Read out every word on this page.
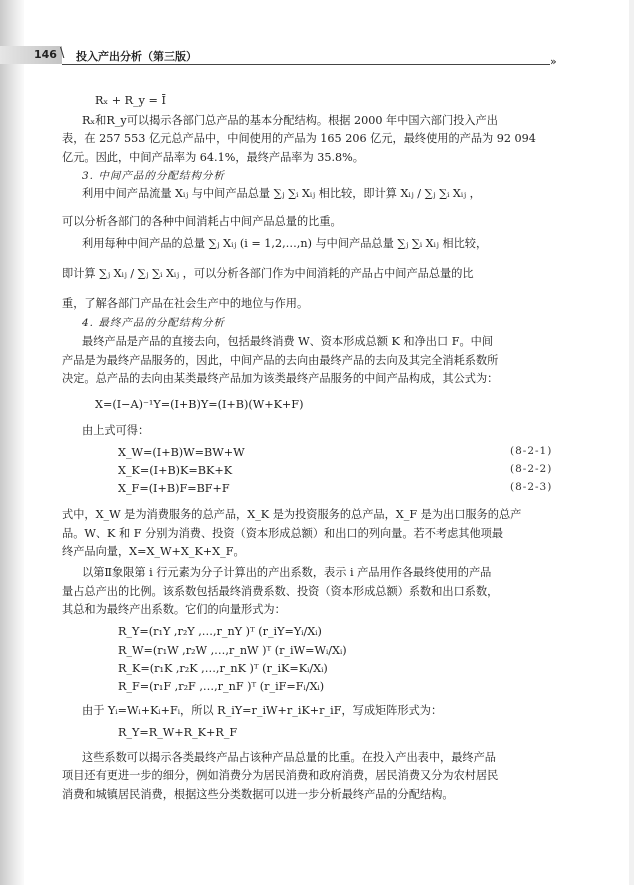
146 \ 投入产出分析（第三版）	»
Rₓ + R_y = Ī
Rₓ和R_y可以揭示各部门总产品的基本分配结构。根据 2000 年中国六部门投入产出
表，在 257 553 亿元总产品中，中间使用的产品为 165 206 亿元，最终使用的产品为 92 094
亿元。因此，中间产品率为 64.1%，最终产品率为 35.8%。
3. 中间产品的分配结构分析
利用中间产品流量 Xᵢⱼ 与中间产品总量 ∑ⱼ ∑ᵢ Xᵢⱼ 相比较，即计算 Xᵢⱼ / ∑ⱼ ∑ᵢ Xᵢⱼ ，
可以分析各部门的各种中间消耗占中间产品总量的比重。
利用每种中间产品的总量 ∑ⱼ Xᵢⱼ (i = 1,2,…,n) 与中间产品总量 ∑ⱼ ∑ᵢ Xᵢⱼ 相比较，
即计算 ∑ⱼ Xᵢⱼ / ∑ⱼ ∑ᵢ Xᵢⱼ ，可以分析各部门作为中间消耗的产品占中间产品总量的比
重，了解各部门产品在社会生产中的地位与作用。
4. 最终产品的分配结构分析
最终产品是产品的直接去向，包括最终消费 W、资本形成总额 K 和净出口 F。中间
产品是为最终产品服务的，因此，中间产品的去向由最终产品的去向及其完全消耗系数所
决定。总产品的去向由某类最终产品加为该类最终产品服务的中间产品构成，其公式为：
X=(I−A)⁻¹Y=(I+B)Y=(I+B)(W+K+F)
由上式可得：
X_W=(I+B)W=BW+W	(8-2-1)
X_K=(I+B)K=BK+K	(8-2-2)
X_F=(I+B)F=BF+F	(8-2-3)
式中，X_W 是为消费服务的总产品，X_K 是为投资服务的总产品，X_F 是为出口服务的总产
品。W、K 和 F 分别为消费、投资（资本形成总额）和出口的列向量。若不考虑其他项最
终产品向量，X=X_W+X_K+X_F。
以第Ⅱ象限第 i 行元素为分子计算出的产出系数，表示 i 产品用作各最终使用的产品
量占总产出的比例。该系数包括最终消费系数、投资（资本形成总额）系数和出口系数，
其总和为最终产出系数。它们的向量形式为：
R_Y=(r₁Y ,r₂Y ,…,r_nY )ᵀ (r_iY=Yᵢ/Xᵢ)
R_W=(r₁W ,r₂W ,…,r_nW )ᵀ (r_iW=Wᵢ/Xᵢ)
R_K=(r₁K ,r₂K ,…,r_nK )ᵀ (r_iK=Kᵢ/Xᵢ)
R_F=(r₁F ,r₂F ,…,r_nF )ᵀ (r_iF=Fᵢ/Xᵢ)
由于 Yᵢ=Wᵢ+Kᵢ+Fᵢ，所以 R_iY=r_iW+r_iK+r_iF，写成矩阵形式为：
R_Y=R_W+R_K+R_F
这些系数可以揭示各类最终产品占该种产品总量的比重。在投入产出表中，最终产品
项目还有更进一步的细分，例如消费分为居民消费和政府消费，居民消费又分为农村居民
消费和城镇居民消费，根据这些分类数据可以进一步分析最终产品的分配结构。
